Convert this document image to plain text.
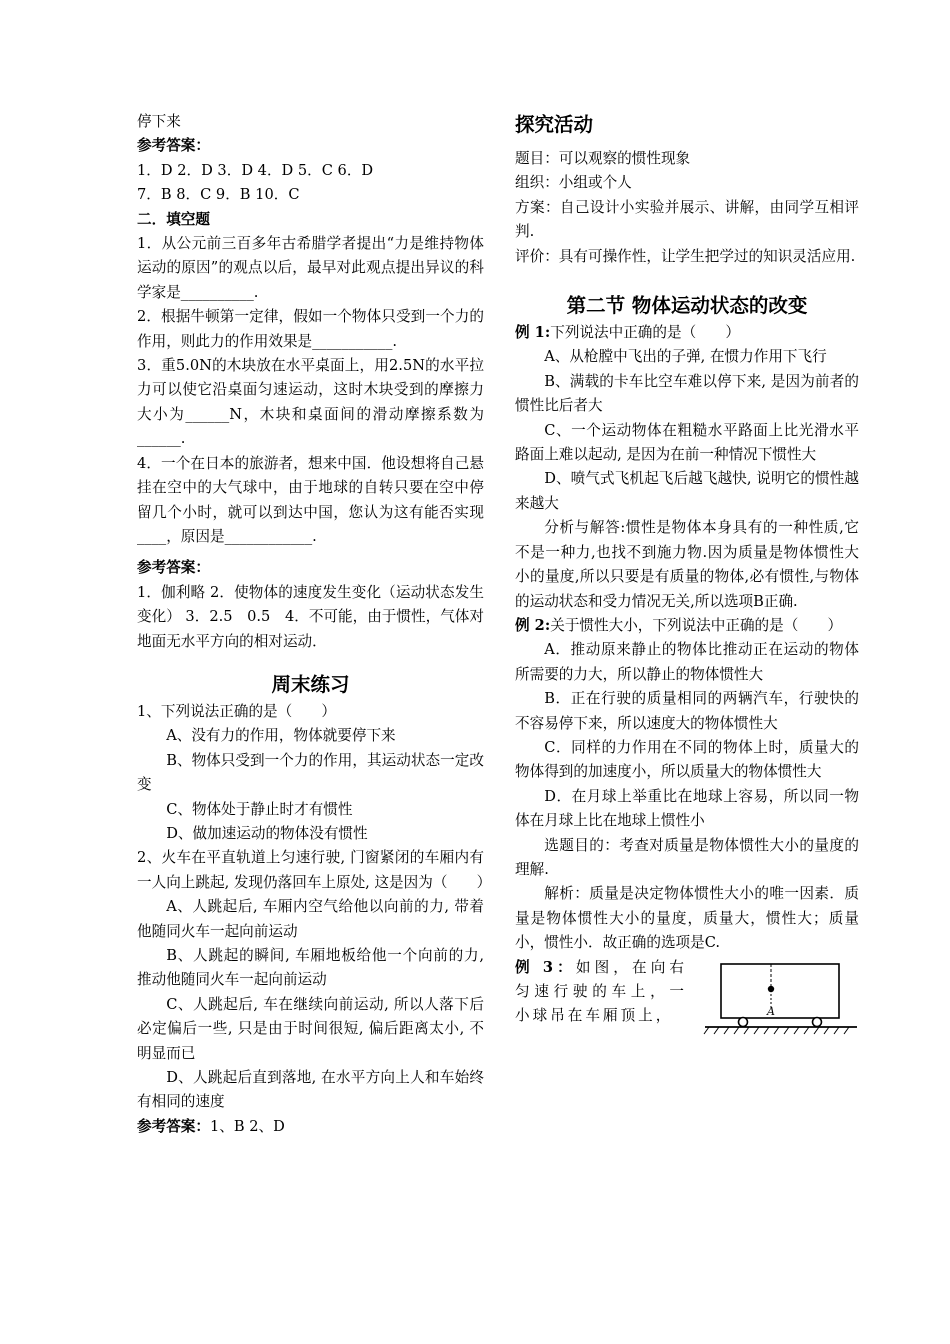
停下来

参考答案：

1．D 2．D 3．D 4．D 5．C 6．D

7．B 8．C 9．B 10．C

二．填空题

1．从公元前三百多年古希腊学者提出“力是维持物体运动的原因”的观点以后，最早对此观点提出异议的科学家是__________.

2．根据牛顿第一定律，假如一个物体只受到一个力的作用，则此力的作用效果是___________.

3．重5.0N的木块放在水平桌面上，用2.5N的水平拉力可以使它沿桌面匀速运动，这时木块受到的摩擦力大小为______N，木块和桌面间的滑动摩擦系数为______.

4．一个在日本的旅游者，想来中国．他设想将自己悬挂在空中的大气球中，由于地球的自转只要在空中停留几个小时，就可以到达中国，您认为这有能否实现____，原因是____________.

参考答案：

1．伽利略 2．使物体的速度发生变化（运动状态发生变化） 3．2.5　0.5　4．不可能，由于惯性，气体对地面无水平方向的相对运动．

周末练习

1、下列说法正确的是（　　）

A、没有力的作用，物体就要停下来

B、物体只受到一个力的作用，其运动状态一定改变

C、物体处于静止时才有惯性

D、做加速运动的物体没有惯性

2、火车在平直轨道上匀速行驶, 门窗紧闭的车厢内有一人向上跳起, 发现仍落回车上原处, 这是因为（　　）

A、人跳起后, 车厢内空气给他以向前的力, 带着他随同火车一起向前运动

B、人跳起的瞬间, 车厢地板给他一个向前的力, 推动他随同火车一起向前运动

C、人跳起后, 车在继续向前运动, 所以人落下后必定偏后一些, 只是由于时间很短, 偏后距离太小, 不明显而已

D、人跳起后直到落地, 在水平方向上人和车始终有相同的速度

参考答案：1、B 2、D

探究活动

题目：可以观察的惯性现象

组织：小组或个人

方案：自己设计小实验并展示、讲解，由同学互相评判.

评价：具有可操作性，让学生把学过的知识灵活应用.

第二节 物体运动状态的改变

例 1:下列说法中正确的是（　　）

A、从枪膛中飞出的子弹, 在惯力作用下飞行

B、满载的卡车比空车难以停下来, 是因为前者的惯性比后者大

C、一个运动物体在粗糙水平路面上比光滑水平路面上难以起动, 是因为在前一种情况下惯性大

D、喷气式飞机起飞后越飞越快, 说明它的惯性越来越大

分析与解答:惯性是物体本身具有的一种性质,它不是一种力,也找不到施力物.因为质量是物体惯性大小的量度,所以只要是有质量的物体,必有惯性,与物体的运动状态和受力情况无关,所以选项B正确.

例 2:关于惯性大小，下列说法中正确的是（　　）

A．推动原来静止的物体比推动正在运动的物体所需要的力大，所以静止的物体惯性大

B．正在行驶的质量相同的两辆汽车，行驶快的不容易停下来，所以速度大的物体惯性大

C．同样的力作用在不同的物体上时，质量大的物体得到的加速度小，所以质量大的物体惯性大

D．在月球上举重比在地球上容易，所以同一物体在月球上比在地球上惯性小

选题目的：考查对质量是物体惯性大小的量度的理解.

解析：质量是决定物体惯性大小的唯一因素．质量是物体惯性大小的量度，质量大，惯性大；质量小，惯性小．故正确的选项是C.

例 3：如图，在向右匀速行驶的车上，一小球吊在车厢顶上，	A
